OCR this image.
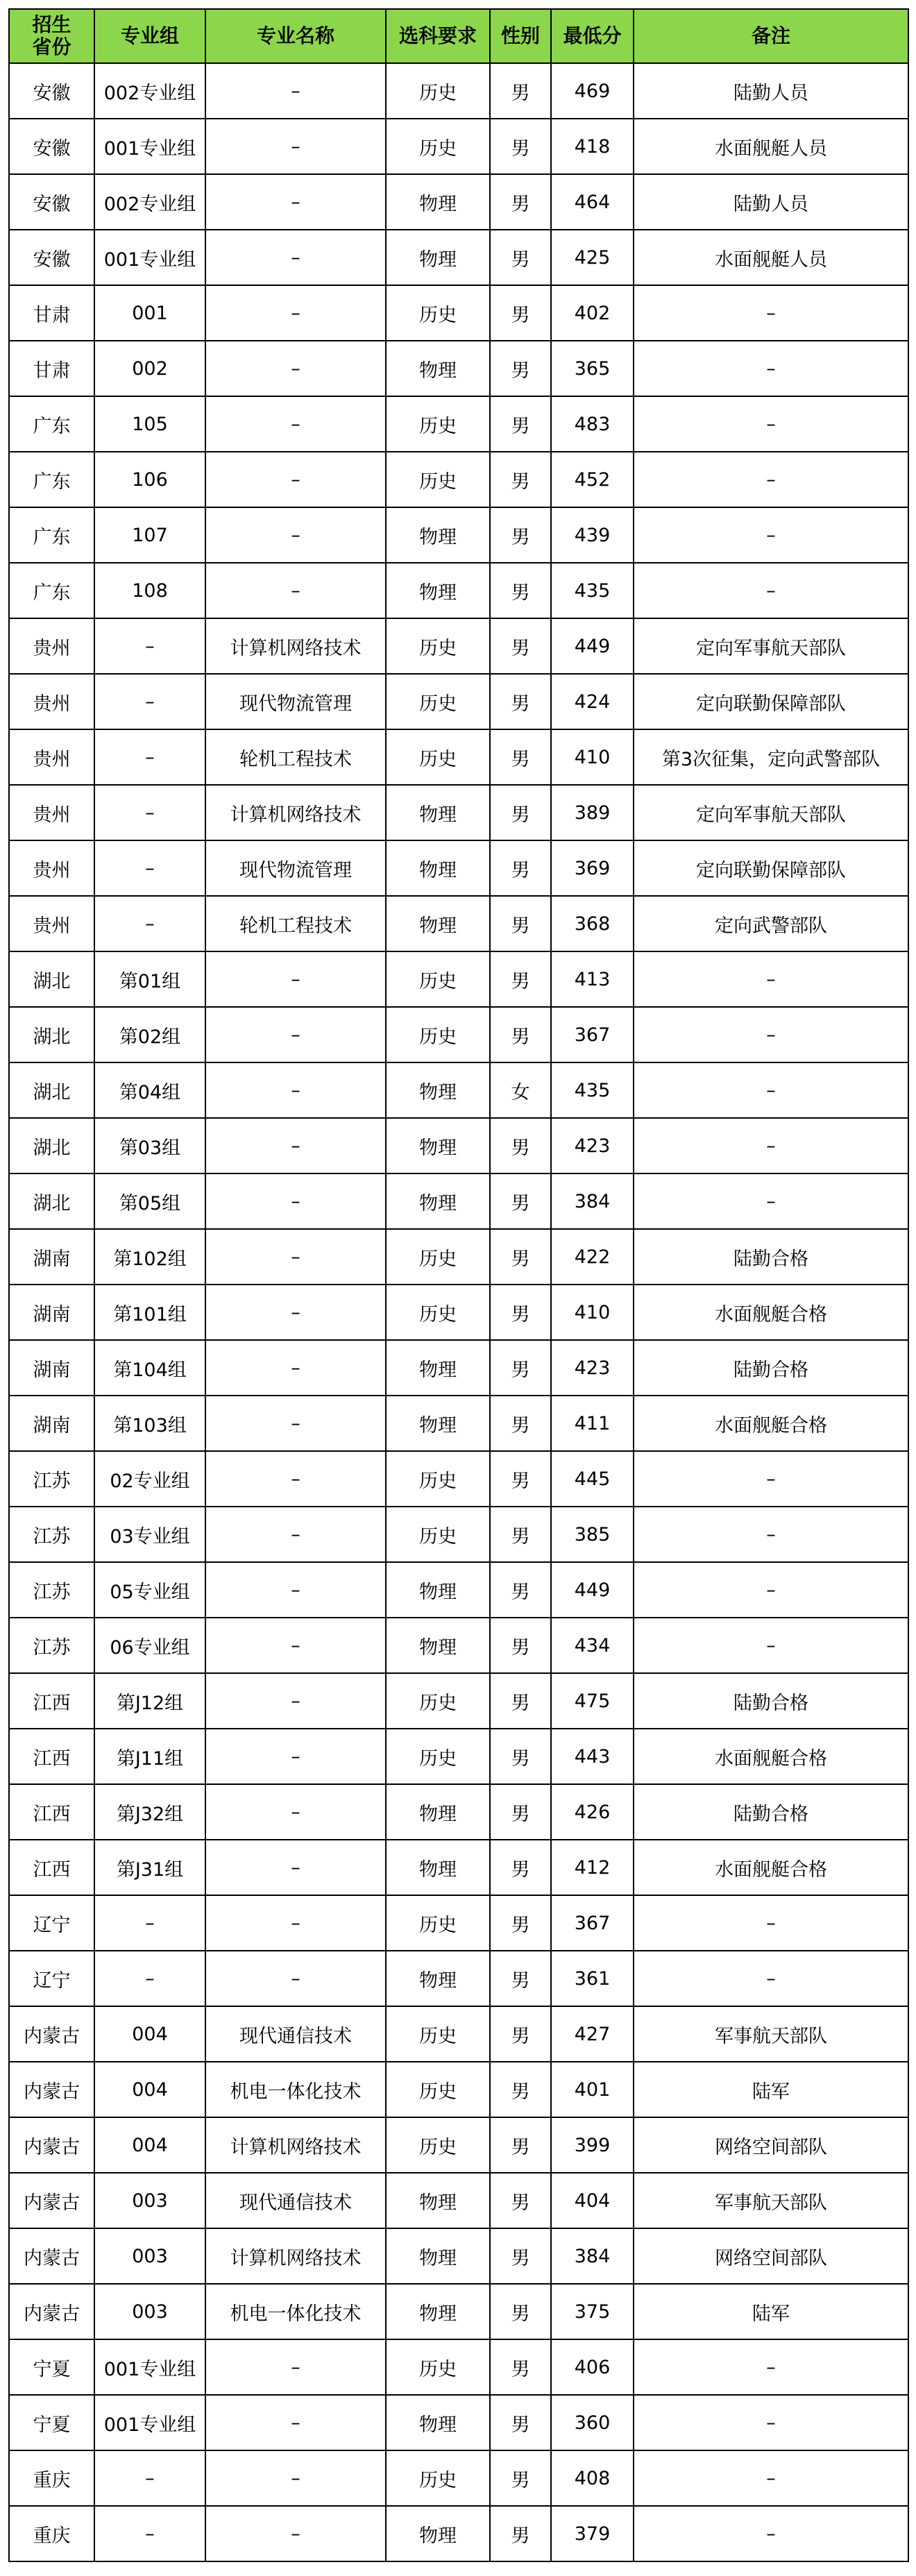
招生省份	专业组	专业名称	选科要求	性别	最低分	备注
安徽	002专业组	–	历史	男	469	陆勤人员
安徽	001专业组	–	历史	男	418	水面舰艇人员
安徽	002专业组	–	物理	男	464	陆勤人员
安徽	001专业组	–	物理	男	425	水面舰艇人员
甘肃	001	–	历史	男	402	–
甘肃	002	–	物理	男	365	–
广东	105	–	历史	男	483	–
广东	106	–	历史	男	452	–
广东	107	–	物理	男	439	–
广东	108	–	物理	男	435	–
贵州	–	计算机网络技术	历史	男	449	定向军事航天部队
贵州	–	现代物流管理	历史	男	424	定向联勤保障部队
贵州	–	轮机工程技术	历史	男	410	第3次征集，定向武警部队
贵州	–	计算机网络技术	物理	男	389	定向军事航天部队
贵州	–	现代物流管理	物理	男	369	定向联勤保障部队
贵州	–	轮机工程技术	物理	男	368	定向武警部队
湖北	第01组	–	历史	男	413	–
湖北	第02组	–	历史	男	367	–
湖北	第04组	–	物理	女	435	–
湖北	第03组	–	物理	男	423	–
湖北	第05组	–	物理	男	384	–
湖南	第102组	–	历史	男	422	陆勤合格
湖南	第101组	–	历史	男	410	水面舰艇合格
湖南	第104组	–	物理	男	423	陆勤合格
湖南	第103组	–	物理	男	411	水面舰艇合格
江苏	02专业组	–	历史	男	445	–
江苏	03专业组	–	历史	男	385	–
江苏	05专业组	–	物理	男	449	–
江苏	06专业组	–	物理	男	434	–
江西	第J12组	–	历史	男	475	陆勤合格
江西	第J11组	–	历史	男	443	水面舰艇合格
江西	第J32组	–	物理	男	426	陆勤合格
江西	第J31组	–	物理	男	412	水面舰艇合格
辽宁	–	–	历史	男	367	–
辽宁	–	–	物理	男	361	–
内蒙古	004	现代通信技术	历史	男	427	军事航天部队
内蒙古	004	机电一体化技术	历史	男	401	陆军
内蒙古	004	计算机网络技术	历史	男	399	网络空间部队
内蒙古	003	现代通信技术	物理	男	404	军事航天部队
内蒙古	003	计算机网络技术	物理	男	384	网络空间部队
内蒙古	003	机电一体化技术	物理	男	375	陆军
宁夏	001专业组	–	历史	男	406	–
宁夏	001专业组	–	物理	男	360	–
重庆	–	–	历史	男	408	–
重庆	–	–	物理	男	379	–
